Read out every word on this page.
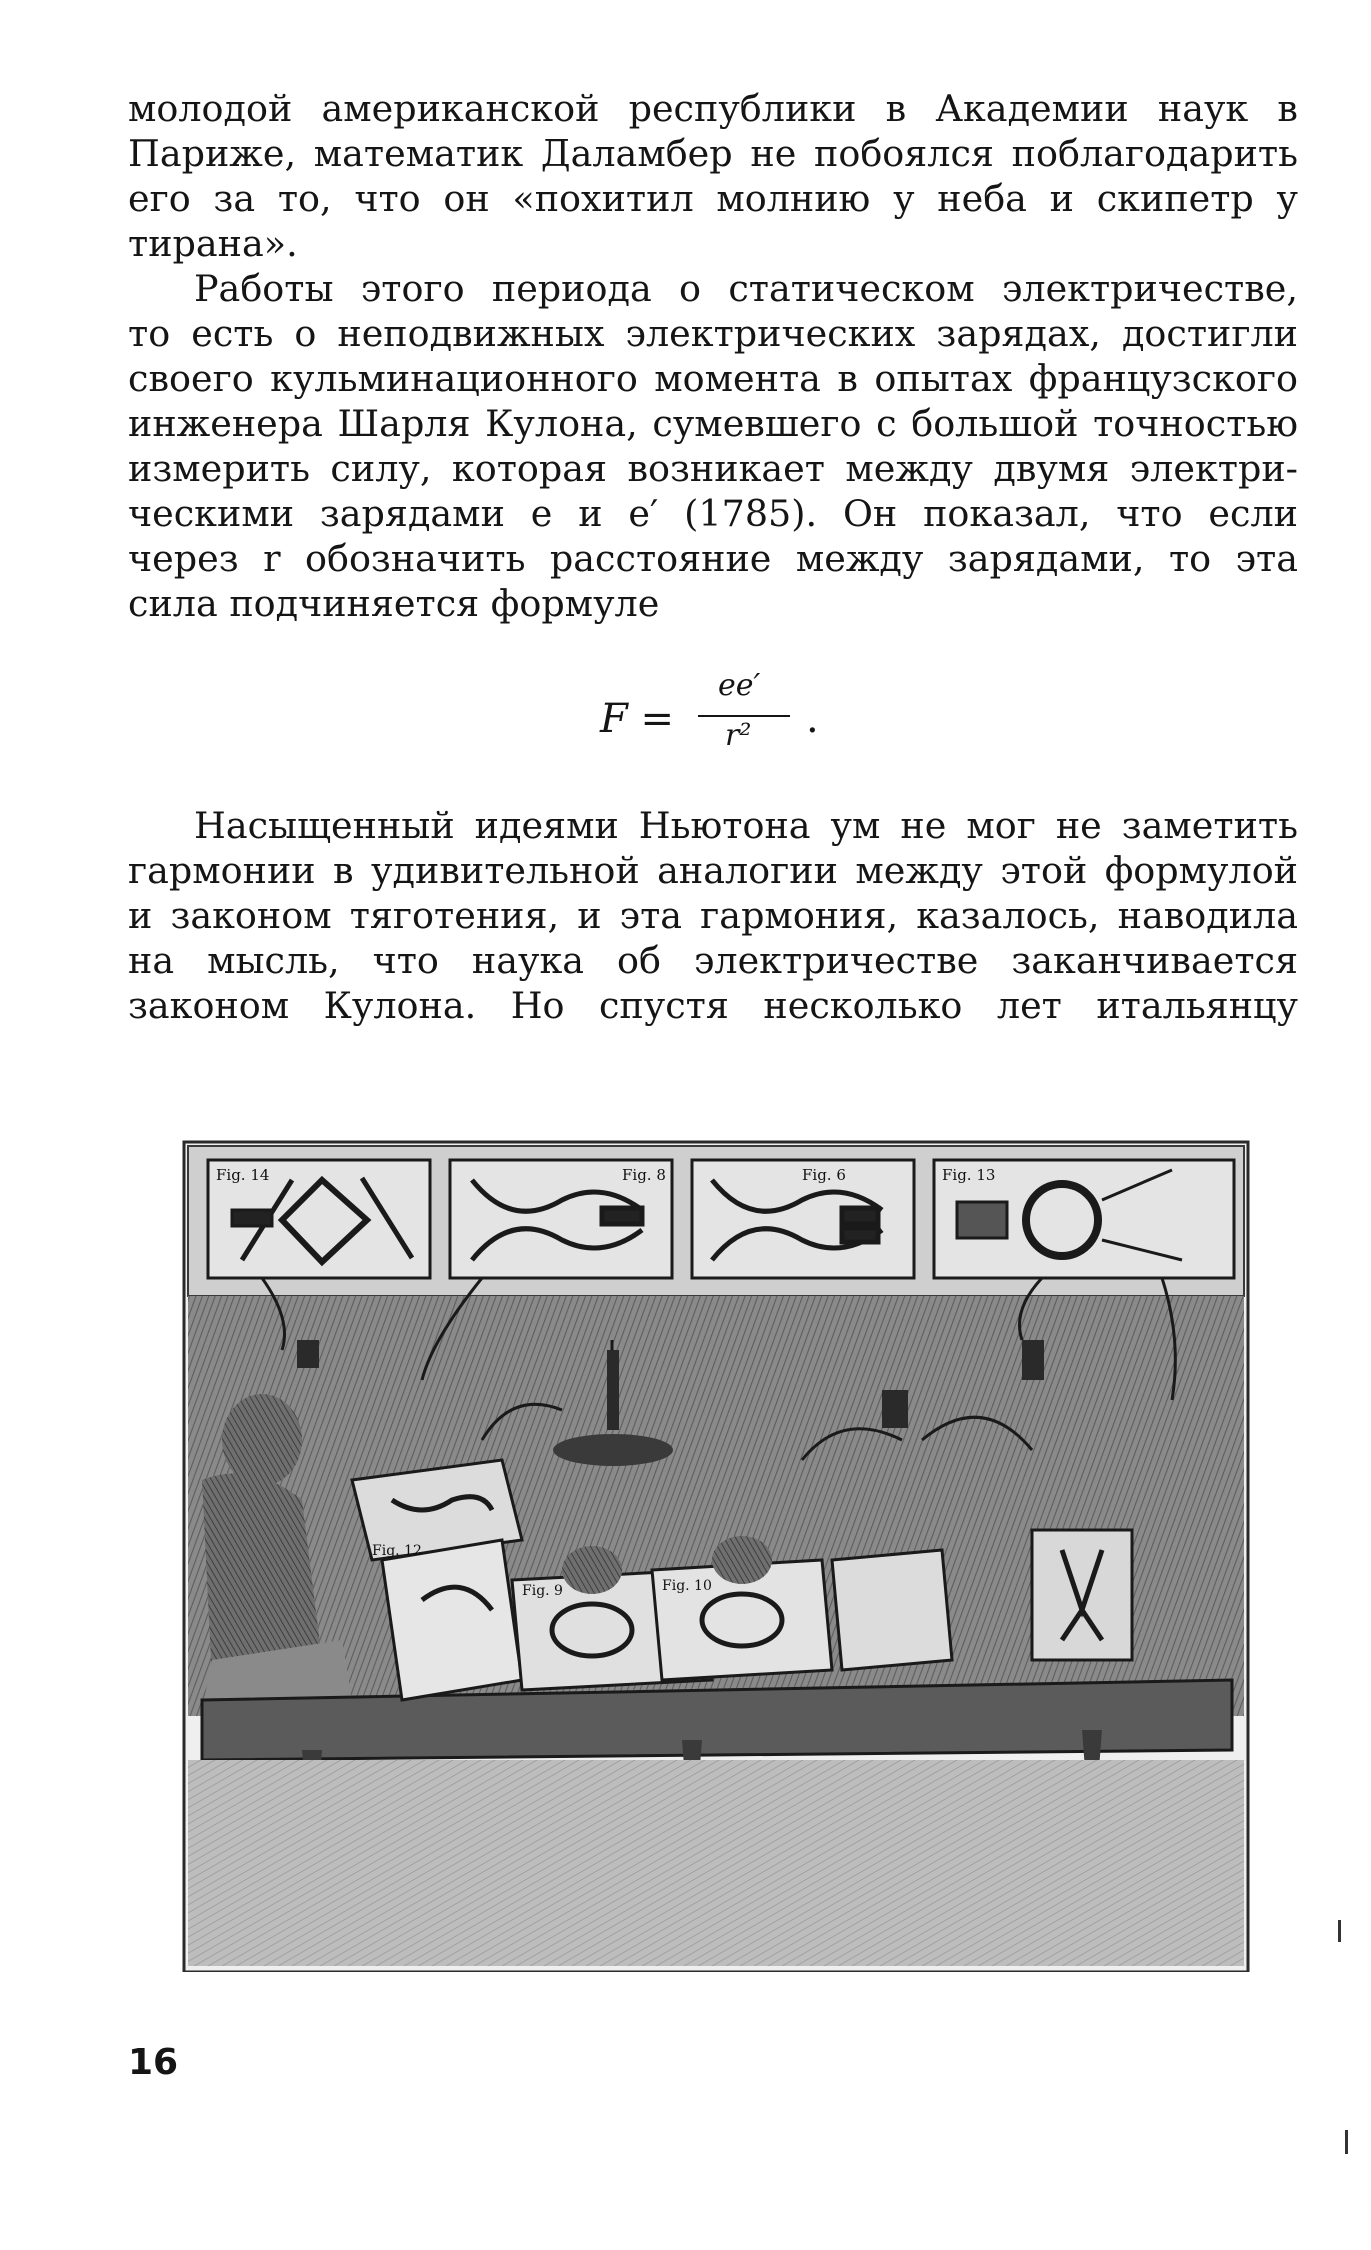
молодой американской республики в Академии наук в
Париже, математик Даламбер не побоялся поблагодарить
его за то, что он «похитил молнию у неба и скипетр у
тирана».
Работы этого периода о статическом электричестве,
то есть о неподвижных электрических зарядах, достигли
своего кульминационного момента в опытах французского
инженера Шарля Кулона, сумевшего с большой точностью
измерить силу, которая возникает между двумя электри-
ческими зарядами e и e′ (1785). Он показал, что если
через r обозначить расстояние между зарядами, то эта
сила подчиняется формуле
F =
ee′
r² .
Насыщенный идеями Ньютона ум не мог не заметить
гармонии в удивительной аналогии между этой формулой
и законом тяготения, и эта гармония, казалось, наводила
на мысль, что наука об электричестве заканчивается
законом Кулона. Но спустя несколько лет итальянцу
Fig. 14	Fig. 8	Fig. 6	Fig. 13
Fig. 12
Fig. 9	Fig. 10
16
